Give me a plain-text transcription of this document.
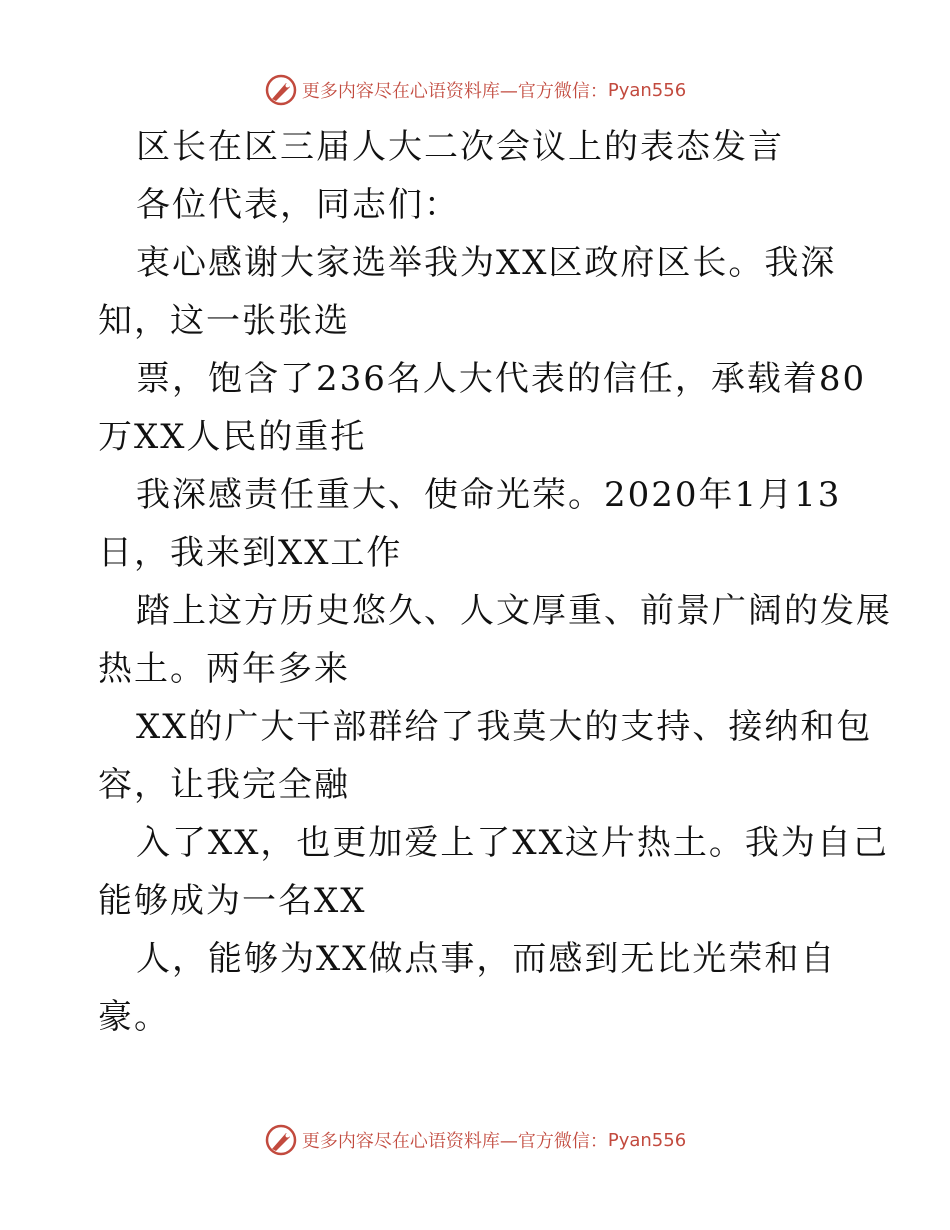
更多内容尽在心语资料库 —官方微信： Pyan556

区长在区三届人大二次会议上的表态发言

各位代表，同志们：

衷心感谢大家选举我为XX区政府区长。我深

知，这一张张选

票，饱含了236名人大代表的信任，承载着80

万XX人民的重托

我深感责任重大、使命光荣。2020年1月13

日，我来到XX工作

踏上这方历史悠久、人文厚重、前景广阔的发展

热土。两年多来

XX的广大干部群给了我莫大的支持、接纳和包

容，让我完全融

入了XX，也更加爱上了XX这片热土。我为自己

能够成为一名XX

人，能够为XX做点事，而感到无比光荣和自

豪。

更多内容尽在心语资料库 —官方微信： Pyan556
